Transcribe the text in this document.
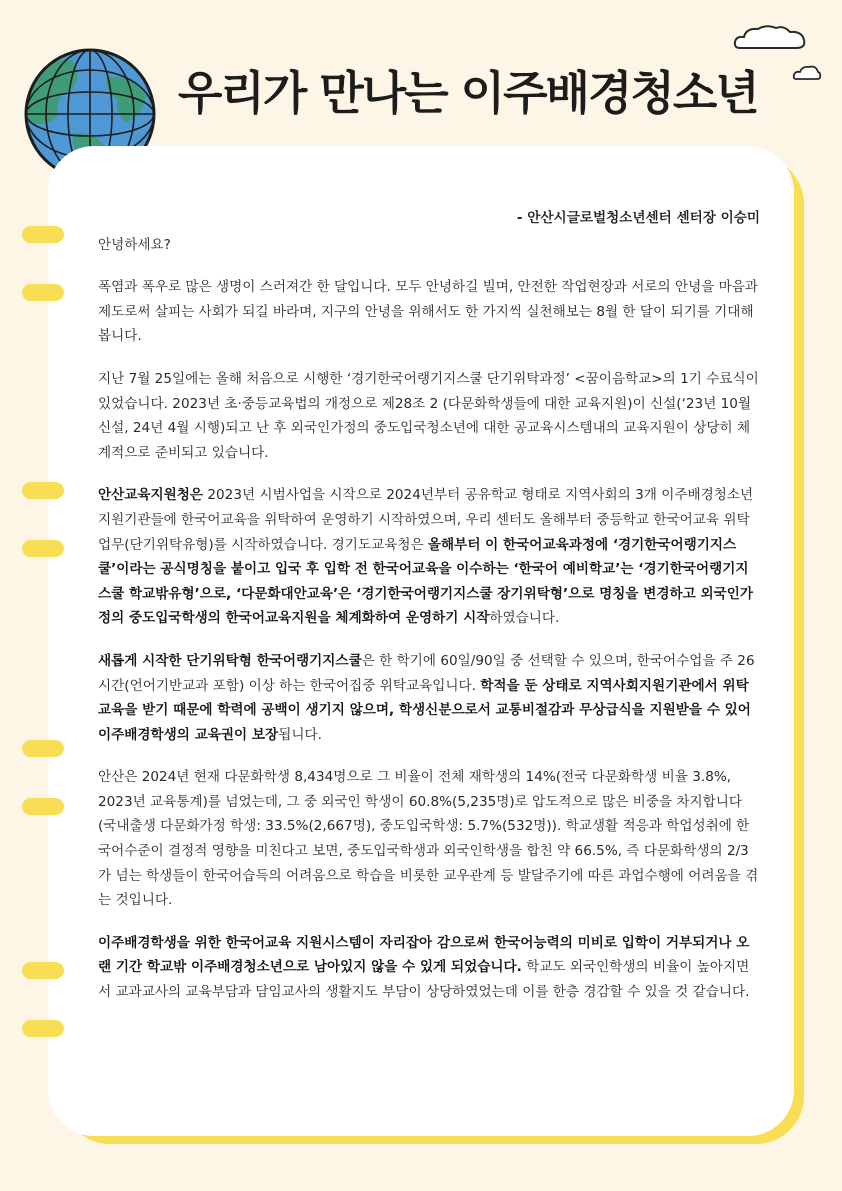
우리가 만나는 이주배경청소년
- 안산시글로벌청소년센터 센터장 이승미

안녕하세요?

폭염과 폭우로 많은 생명이 스러져간 한 달입니다. 모두 안녕하길 빌며, 안전한 작업현장과 서로의 안녕을 마음과 제도로써 살피는 사회가 되길 바라며, 지구의 안녕을 위해서도 한 가지씩 실천해보는 8월 한 달이 되기를 기대해봅니다.

지난 7월 25일에는 올해 처음으로 시행한 ‘경기한국어랭기지스쿨 단기위탁과정’ <꿈이음학교>의 1기 수료식이 있었습니다. 2023년 초·중등교육법의 개정으로 제28조 2 (다문화학생들에 대한 교육지원)이 신설(‘23년 10월 신설, 24년 4월 시행)되고 난 후 외국인가정의 중도입국청소년에 대한 공교육시스템내의 교육지원이 상당히 체계적으로 준비되고 있습니다.

안산교육지원청은 2023년 시범사업을 시작으로 2024년부터 공유학교 형태로 지역사회의 3개 이주배경청소년 지원기관들에 한국어교육을 위탁하여 운영하기 시작하였으며, 우리 센터도 올해부터 중등학교 한국어교육 위탁업무(단기위탁유형)를 시작하였습니다. 경기도교육청은 올해부터 이 한국어교육과정에 ‘경기한국어랭기지스쿨’이라는 공식명칭을 붙이고 입국 후 입학 전 한국어교육을 이수하는 ‘한국어 예비학교’는 ‘경기한국어랭기지스쿨 학교밖유형’으로, ‘다문화대안교육’은 ‘경기한국어랭기지스쿨 장기위탁형’으로 명칭을 변경하고 외국인가정의 중도입국학생의 한국어교육지원을 체계화하여 운영하기 시작하였습니다.

새롭게 시작한 단기위탁형 한국어랭기지스쿨은 한 학기에 60일/90일 중 선택할 수 있으며, 한국어수업을 주 26시간(언어기반교과 포함) 이상 하는 한국어집중 위탁교육입니다. 학적을 둔 상태로 지역사회지원기관에서 위탁교육을 받기 때문에 학력에 공백이 생기지 않으며, 학생신분으로서 교통비절감과 무상급식을 지원받을 수 있어 이주배경학생의 교육권이 보장됩니다.

안산은 2024년 현재 다문화학생 8,434명으로 그 비율이 전체 재학생의 14%(전국 다문화학생 비율 3.8%, 2023년 교육통계)를 넘었는데, 그 중 외국인 학생이 60.8%(5,235명)로 압도적으로 많은 비중을 차지합니다(국내출생 다문화가정 학생: 33.5%(2,667명), 중도입국학생: 5.7%(532명)). 학교생활 적응과 학업성취에 한국어수준이 결정적 영향을 미친다고 보면, 중도입국학생과 외국인학생을 합친 약 66.5%, 즉 다문화학생의 2/3가 넘는 학생들이 한국어습득의 어려움으로 학습을 비롯한 교우관계 등 발달주기에 따른 과업수행에 어려움을 겪는 것입니다.

이주배경학생을 위한 한국어교육 지원시스템이 자리잡아 감으로써 한국어능력의 미비로 입학이 거부되거나 오랜 기간 학교밖 이주배경청소년으로 남아있지 않을 수 있게 되었습니다. 학교도 외국인학생의 비율이 높아지면서 교과교사의 교육부담과 담임교사의 생활지도 부담이 상당하였었는데 이를 한층 경감할 수 있을 것 같습니다.
